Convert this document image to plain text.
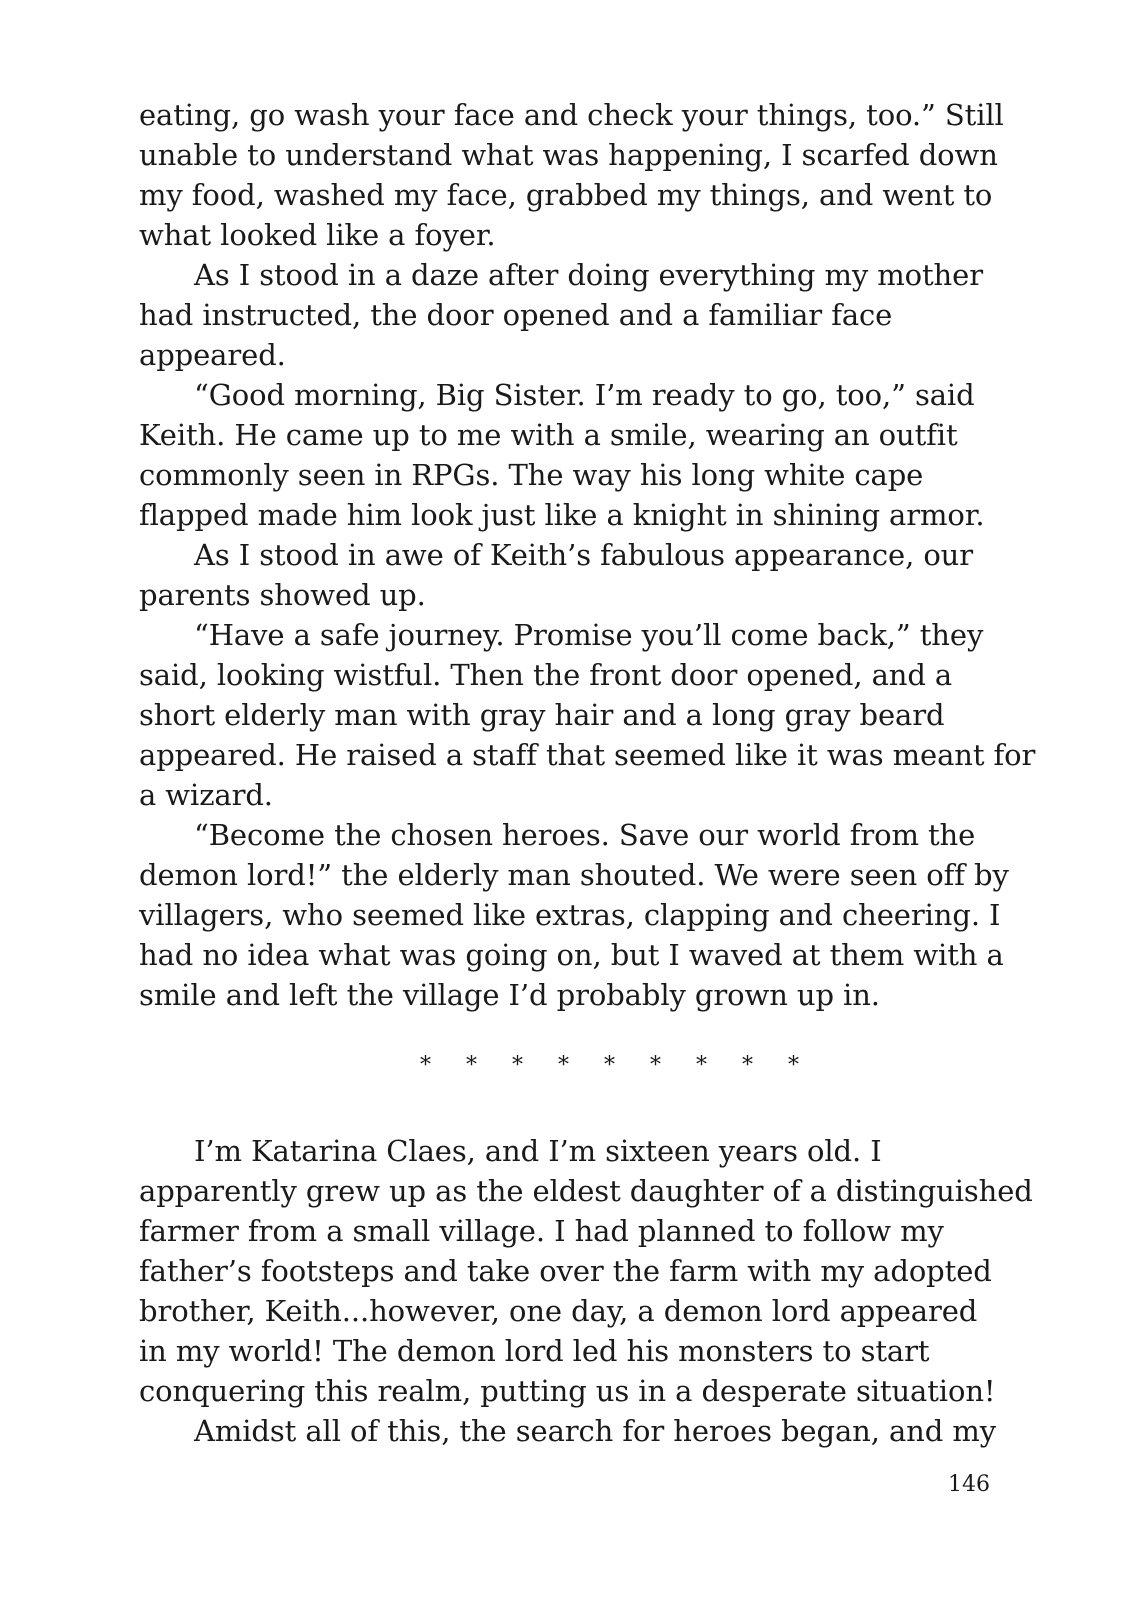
eating, go wash your face and check your things, too.” Still
unable to understand what was happening, I scarfed down
my food, washed my face, grabbed my things, and went to
what looked like a foyer.
As I stood in a daze after doing everything my mother
had instructed, the door opened and a familiar face
appeared.
“Good morning, Big Sister. I’m ready to go, too,” said
Keith. He came up to me with a smile, wearing an outfit
commonly seen in RPGs. The way his long white cape
flapped made him look just like a knight in shining armor.
As I stood in awe of Keith’s fabulous appearance, our
parents showed up.
“Have a safe journey. Promise you’ll come back,” they
said, looking wistful. Then the front door opened, and a
short elderly man with gray hair and a long gray beard
appeared. He raised a staff that seemed like it was meant for
a wizard.
“Become the chosen heroes. Save our world from the
demon lord!” the elderly man shouted. We were seen off by
villagers, who seemed like extras, clapping and cheering. I
had no idea what was going on, but I waved at them with a
smile and left the village I’d probably grown up in.
* * * * * * * * *
I’m Katarina Claes, and I’m sixteen years old. I
apparently grew up as the eldest daughter of a distinguished
farmer from a small village. I had planned to follow my
father’s footsteps and take over the farm with my adopted
brother, Keith...however, one day, a demon lord appeared
in my world! The demon lord led his monsters to start
conquering this realm, putting us in a desperate situation!
Amidst all of this, the search for heroes began, and my
146
